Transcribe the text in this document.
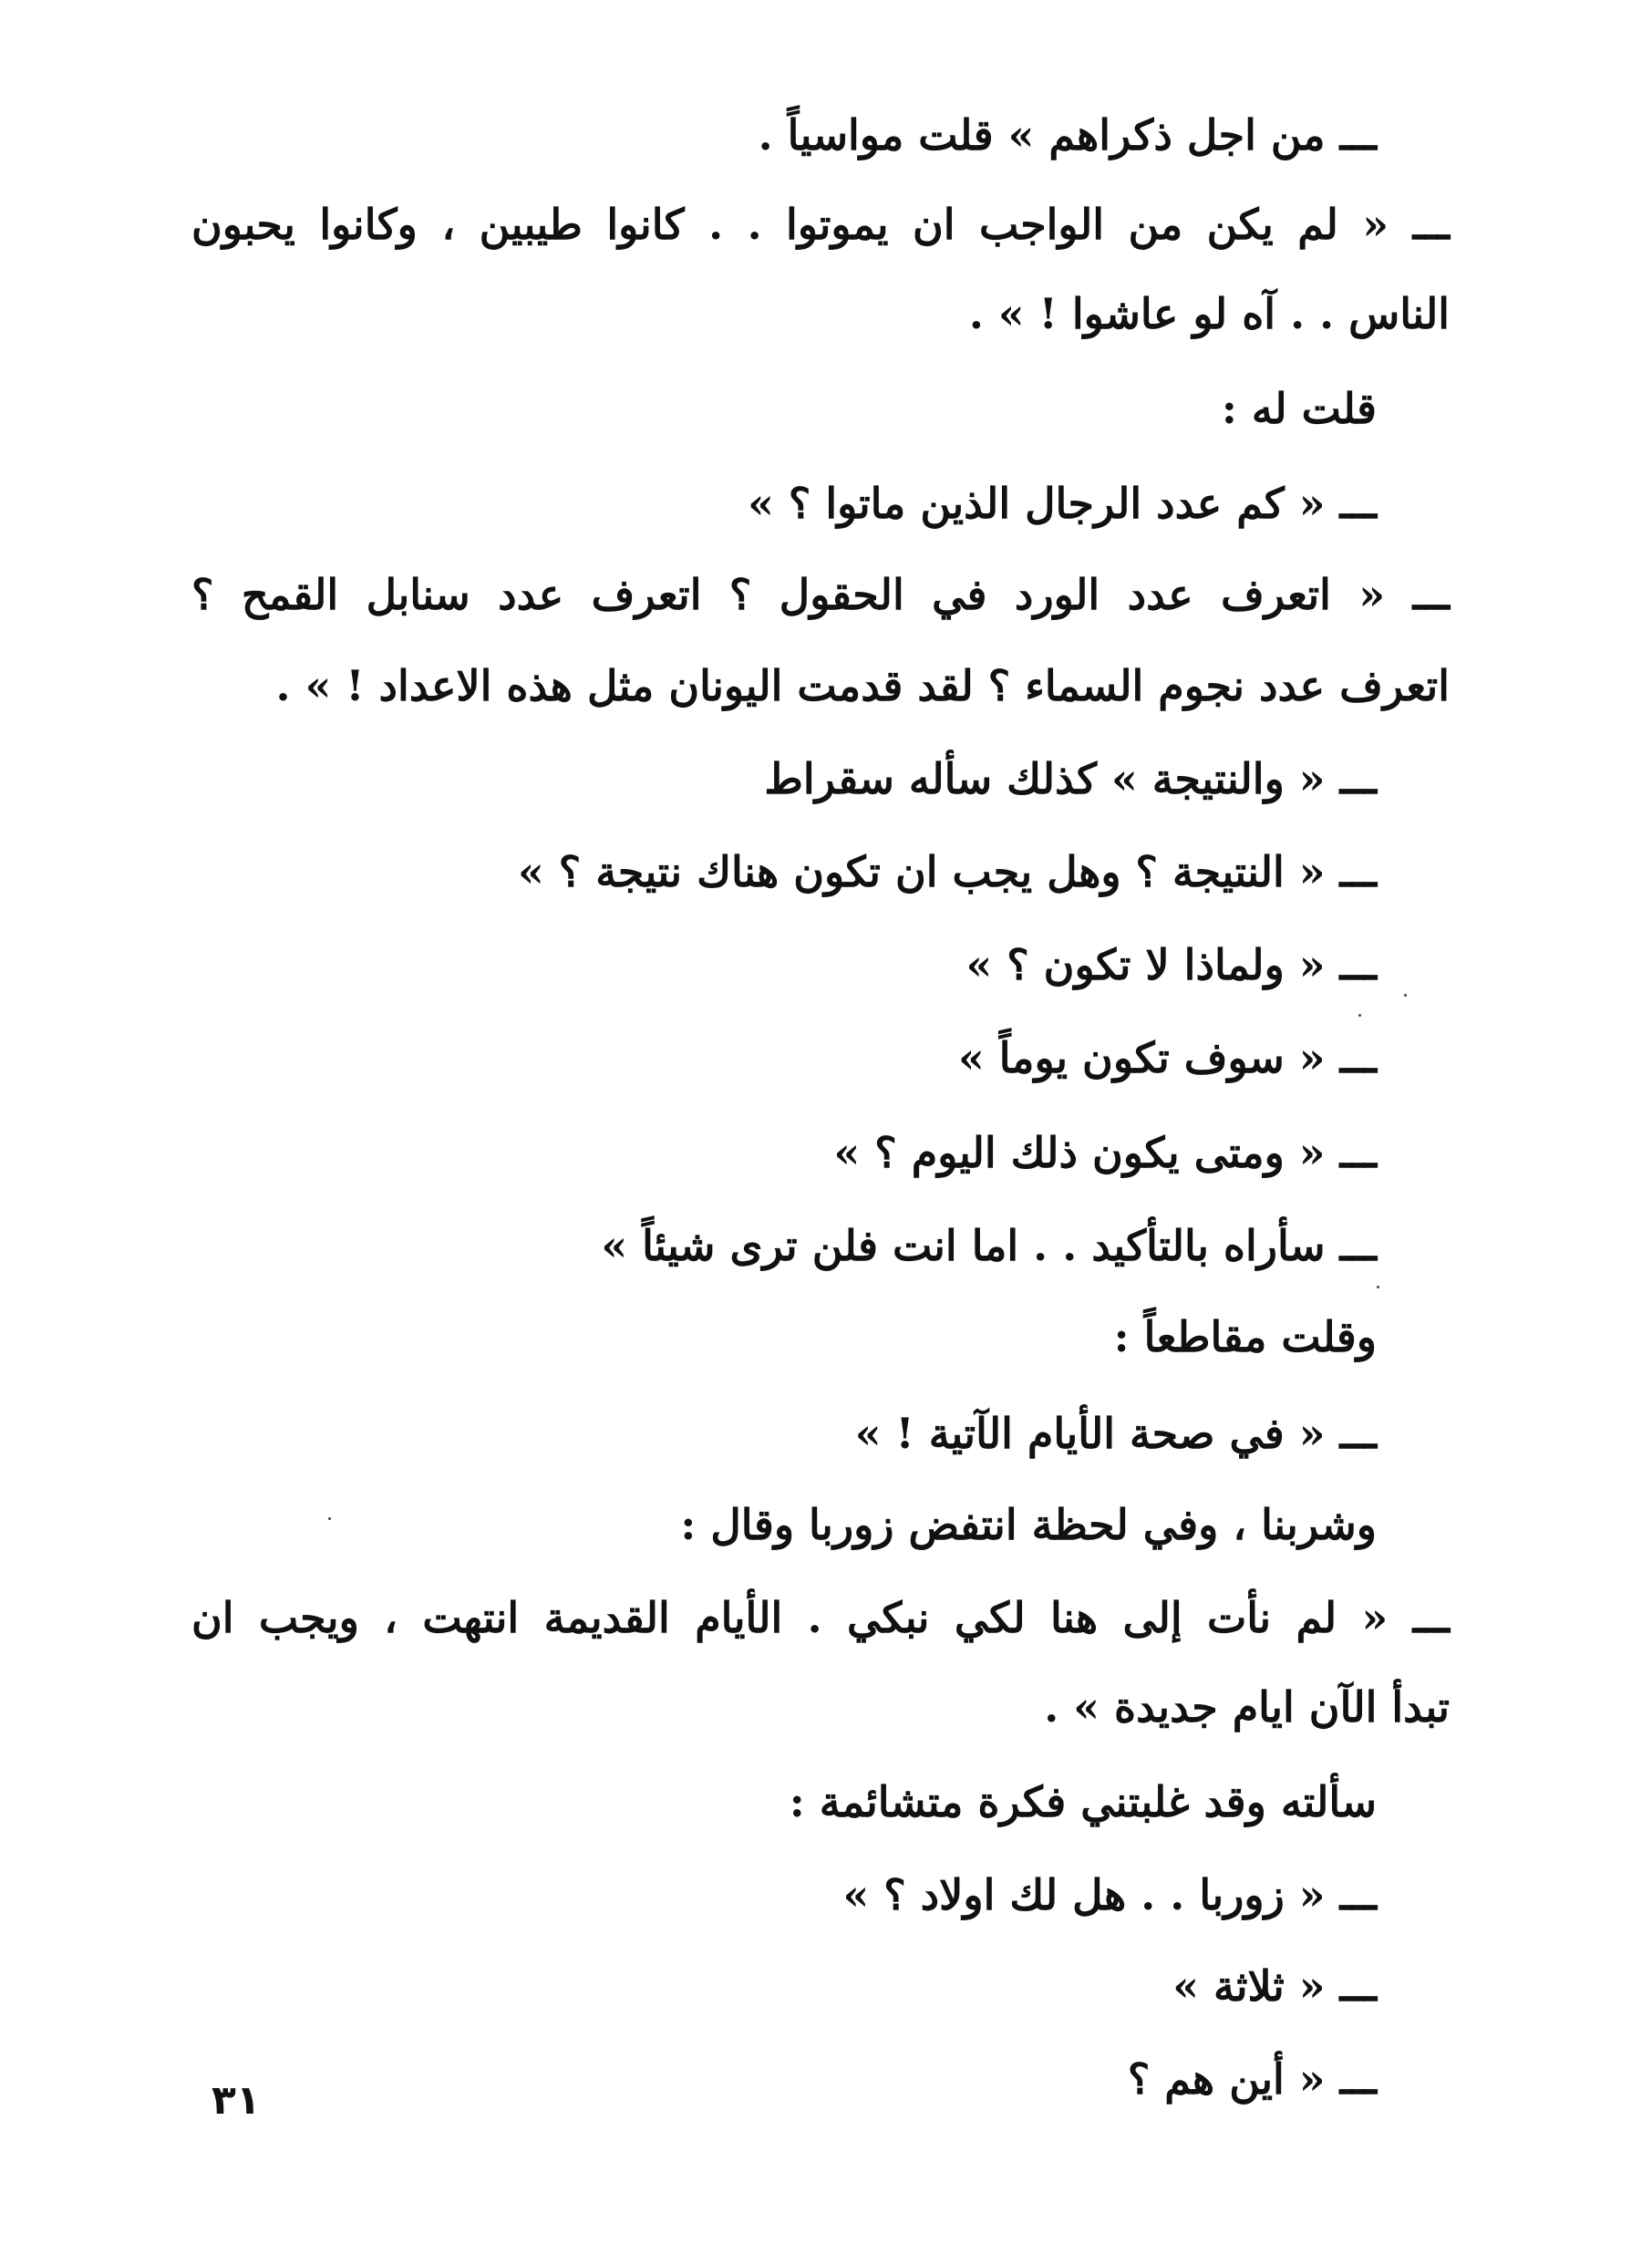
ـــ من اجل ذكراهم » قلت مواسياً .
ـــ « لم يكن من الواجب ان يموتوا . . كانوا طيبين ، وكانوا يحبون
الناس . . آه لو عاشوا ! » .
قلت له :
ـــ « كم عدد الرجال الذين ماتوا ؟ »
ـــ « اتعرف عدد الورد في الحقول ؟ اتعرف عدد سنابل القمح ؟
اتعرف عدد نجوم السماء ؟ لقد قدمت اليونان مثل هذه الاعداد ! » .
ـــ « والنتيجة » كذلك سأله سقراط
ـــ « النتيجة ؟ وهل يجب ان تكون هناك نتيجة ؟ »
ـــ « ولماذا لا تكون ؟ »
ـــ « سوف تكون يوماً »
ـــ « ومتى يكون ذلك اليوم ؟ »
ـــ سأراه بالتأكيد . . اما انت فلن ترى شيئاً »
وقلت مقاطعاً :
ـــ « في صحة الأيام الآتية ! »
وشربنا ، وفي لحظة انتفض زوربا وقال :
ـــ « لم نأت إلى هنا لكي نبكي . الأيام القديمة انتهت ، ويجب ان
تبدأ الآن ايام جديدة » .
سألته وقد غلبتني فكرة متشائمة :
ـــ « زوربا . . هل لك اولاد ؟ »
ـــ « ثلاثة »
ـــ « أين هم ؟
٣١
